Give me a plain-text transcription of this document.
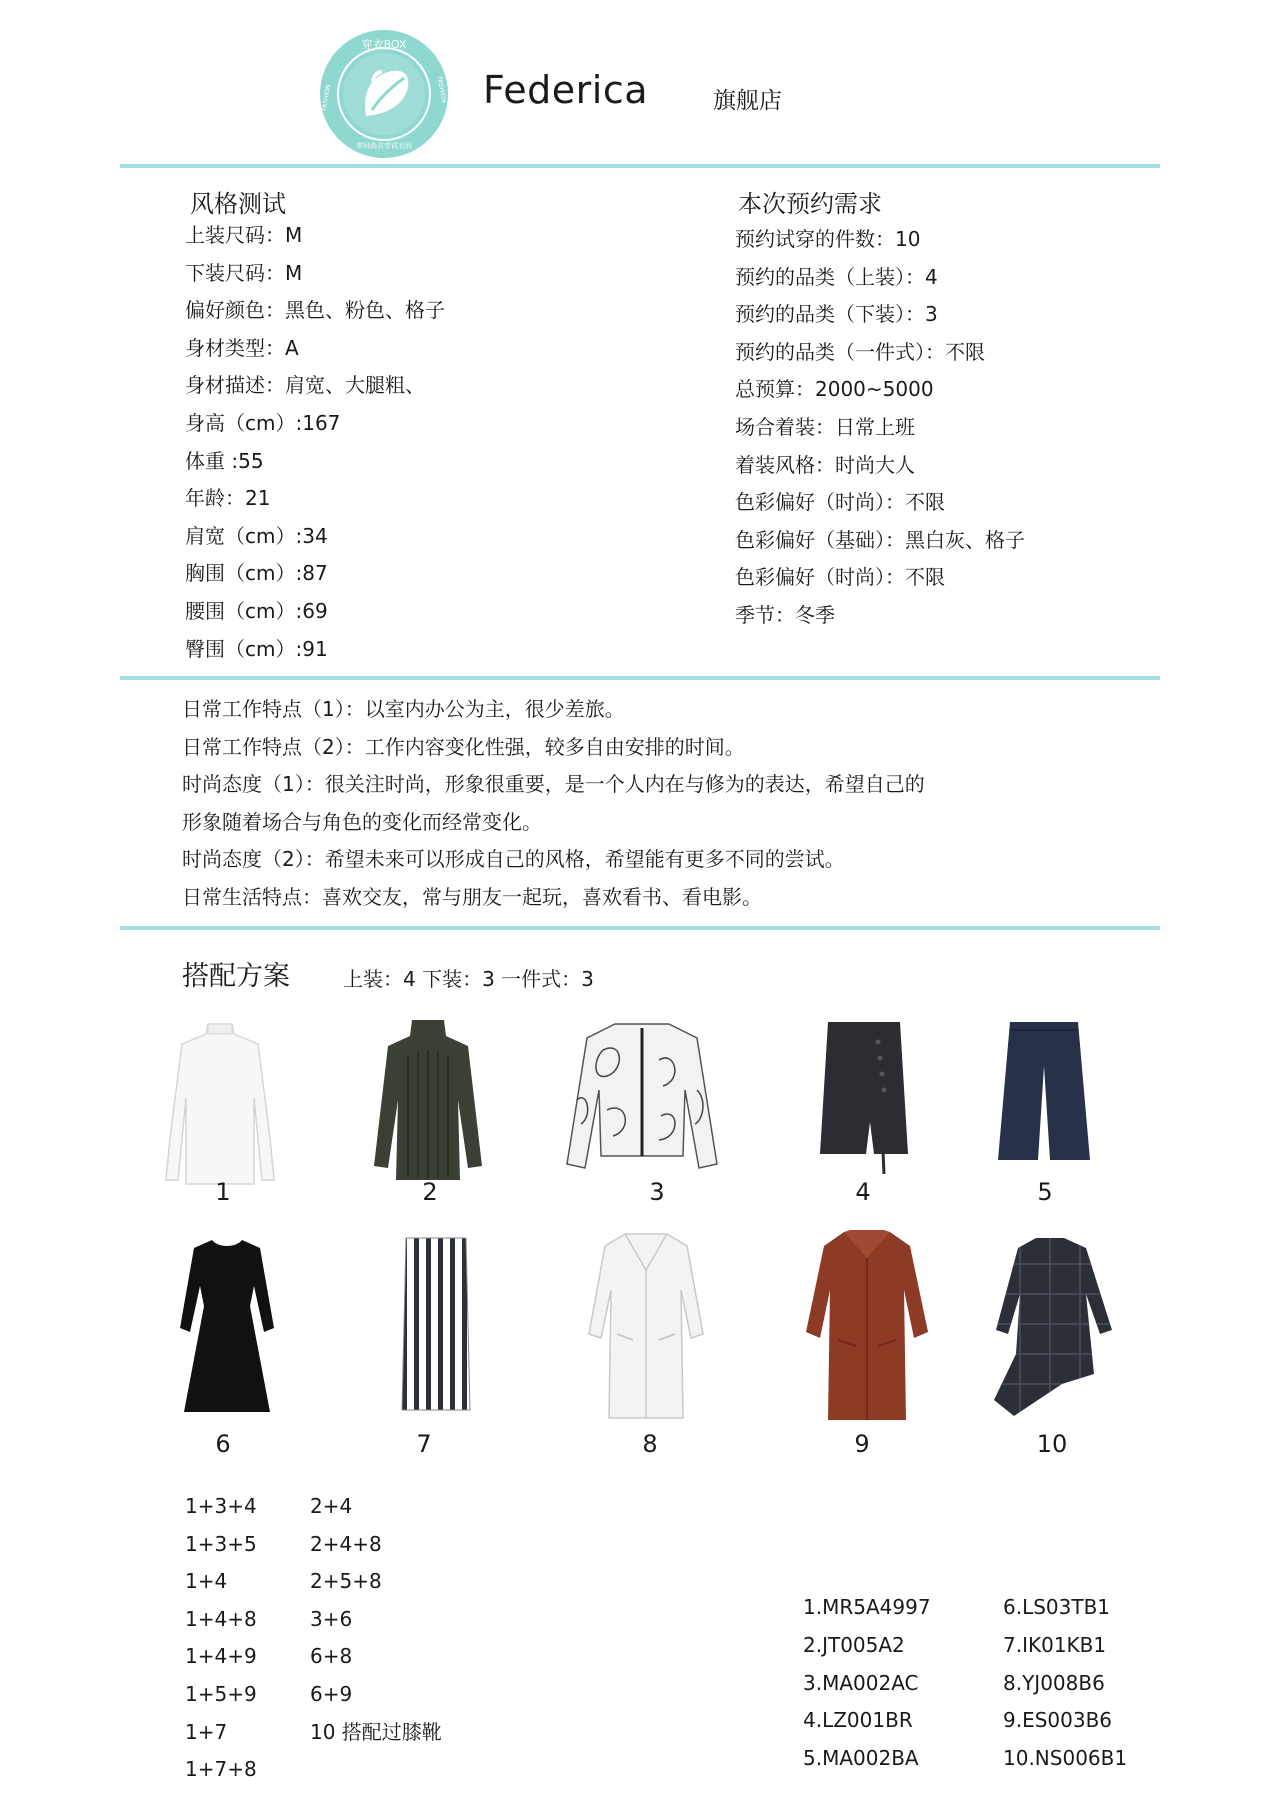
穿衣BOX
零时尚共享试衣间
FASHION	FASHION Federica	旗舰店
风格测试
上装尺码：M
下装尺码：M
偏好颜色：黑色、粉色、格子
身材类型：A
身材描述：肩宽、大腿粗、
身高（cm）:167
体重 :55
年龄：21
肩宽（cm）:34
胸围（cm）:87
腰围（cm）:69
臀围（cm）:91
本次预约需求
预约试穿的件数：10
预约的品类（上装）：4
预约的品类（下装）：3
预约的品类（一件式）：不限
总预算：2000~5000
场合着装：日常上班
着装风格：时尚大人
色彩偏好（时尚）：不限
色彩偏好（基础）：黑白灰、格子
色彩偏好（时尚）：不限
季节：冬季
日常工作特点（1）：以室内办公为主，很少差旅。
日常工作特点（2）：工作内容变化性强，较多自由安排的时间。
时尚态度（1）：很关注时尚，形象很重要，是一个人内在与修为的表达，希望自己的
形象随着场合与角色的变化而经常变化。
时尚态度（2）：希望未来可以形成自己的风格，希望能有更多不同的尝试。
日常生活特点：喜欢交友，常与朋友一起玩，喜欢看书、看电影。
搭配方案	上装：4 下装：3 一件式：3
1	2	3	4	5
6	7	8	9	10
1+3+4
1+3+5
1+4
1+4+8
1+4+9
1+5+9
1+7
1+7+8
2+4
2+4+8
2+5+8
3+6
6+8
6+9
10 搭配过膝靴
1.MR5A4997
2.JT005A2
3.MA002AC
4.LZ001BR
5.MA002BA
6.LS03TB1
7.IK01KB1
8.YJ008B6
9.ES003B6
10.NS006B1
